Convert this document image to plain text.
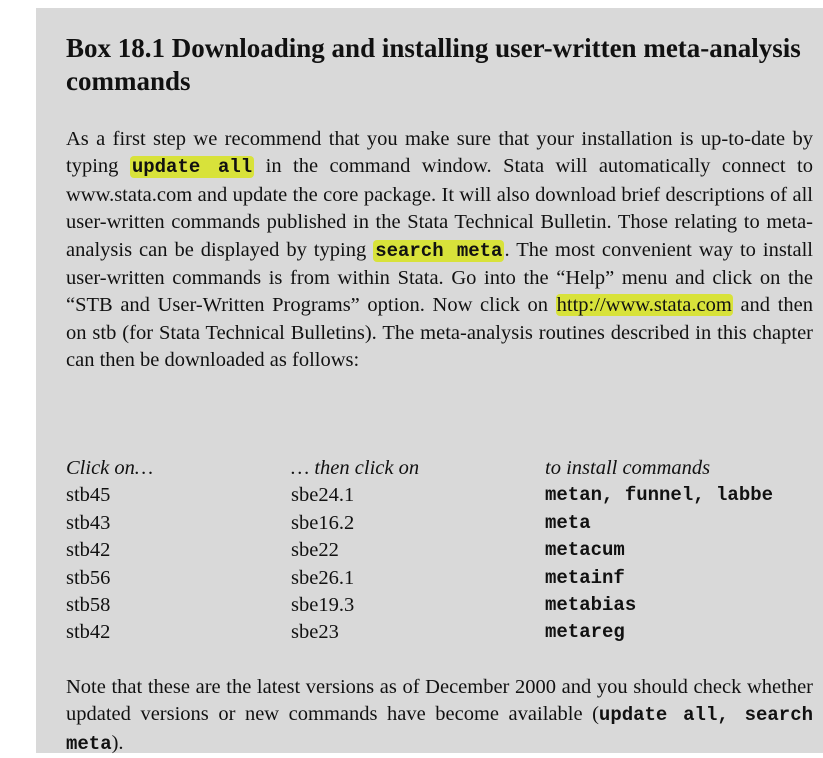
Box 18.1 Downloading and installing user-written meta-analysis commands

As a first step we recommend that you make sure that your installation is up-to-date by typing update all in the command window. Stata will automatically connect to www.stata.com and update the core package. It will also download brief descriptions of all user-written commands published in the Stata Technical Bulletin. Those relating to meta-analysis can be displayed by typing search meta. The most convenient way to install user-written commands is from within Stata. Go into the “Help” menu and click on the “STB and User-Written Programs” option. Now click on http://www.stata.com and then on stb (for Stata Technical Bulletins). The meta-analysis routines described in this chapter can then be downloaded as follows:

Click on…	… then click on	to install commands
stb45	sbe24.1	metan, funnel, labbe
stb43	sbe16.2	meta
stb42	sbe22	metacum
stb56	sbe26.1	metainf
stb58	sbe19.3	metabias
stb42	sbe23	metareg

Note that these are the latest versions as of December 2000 and you should check whether updated versions or new commands have become available (update all, search meta).
